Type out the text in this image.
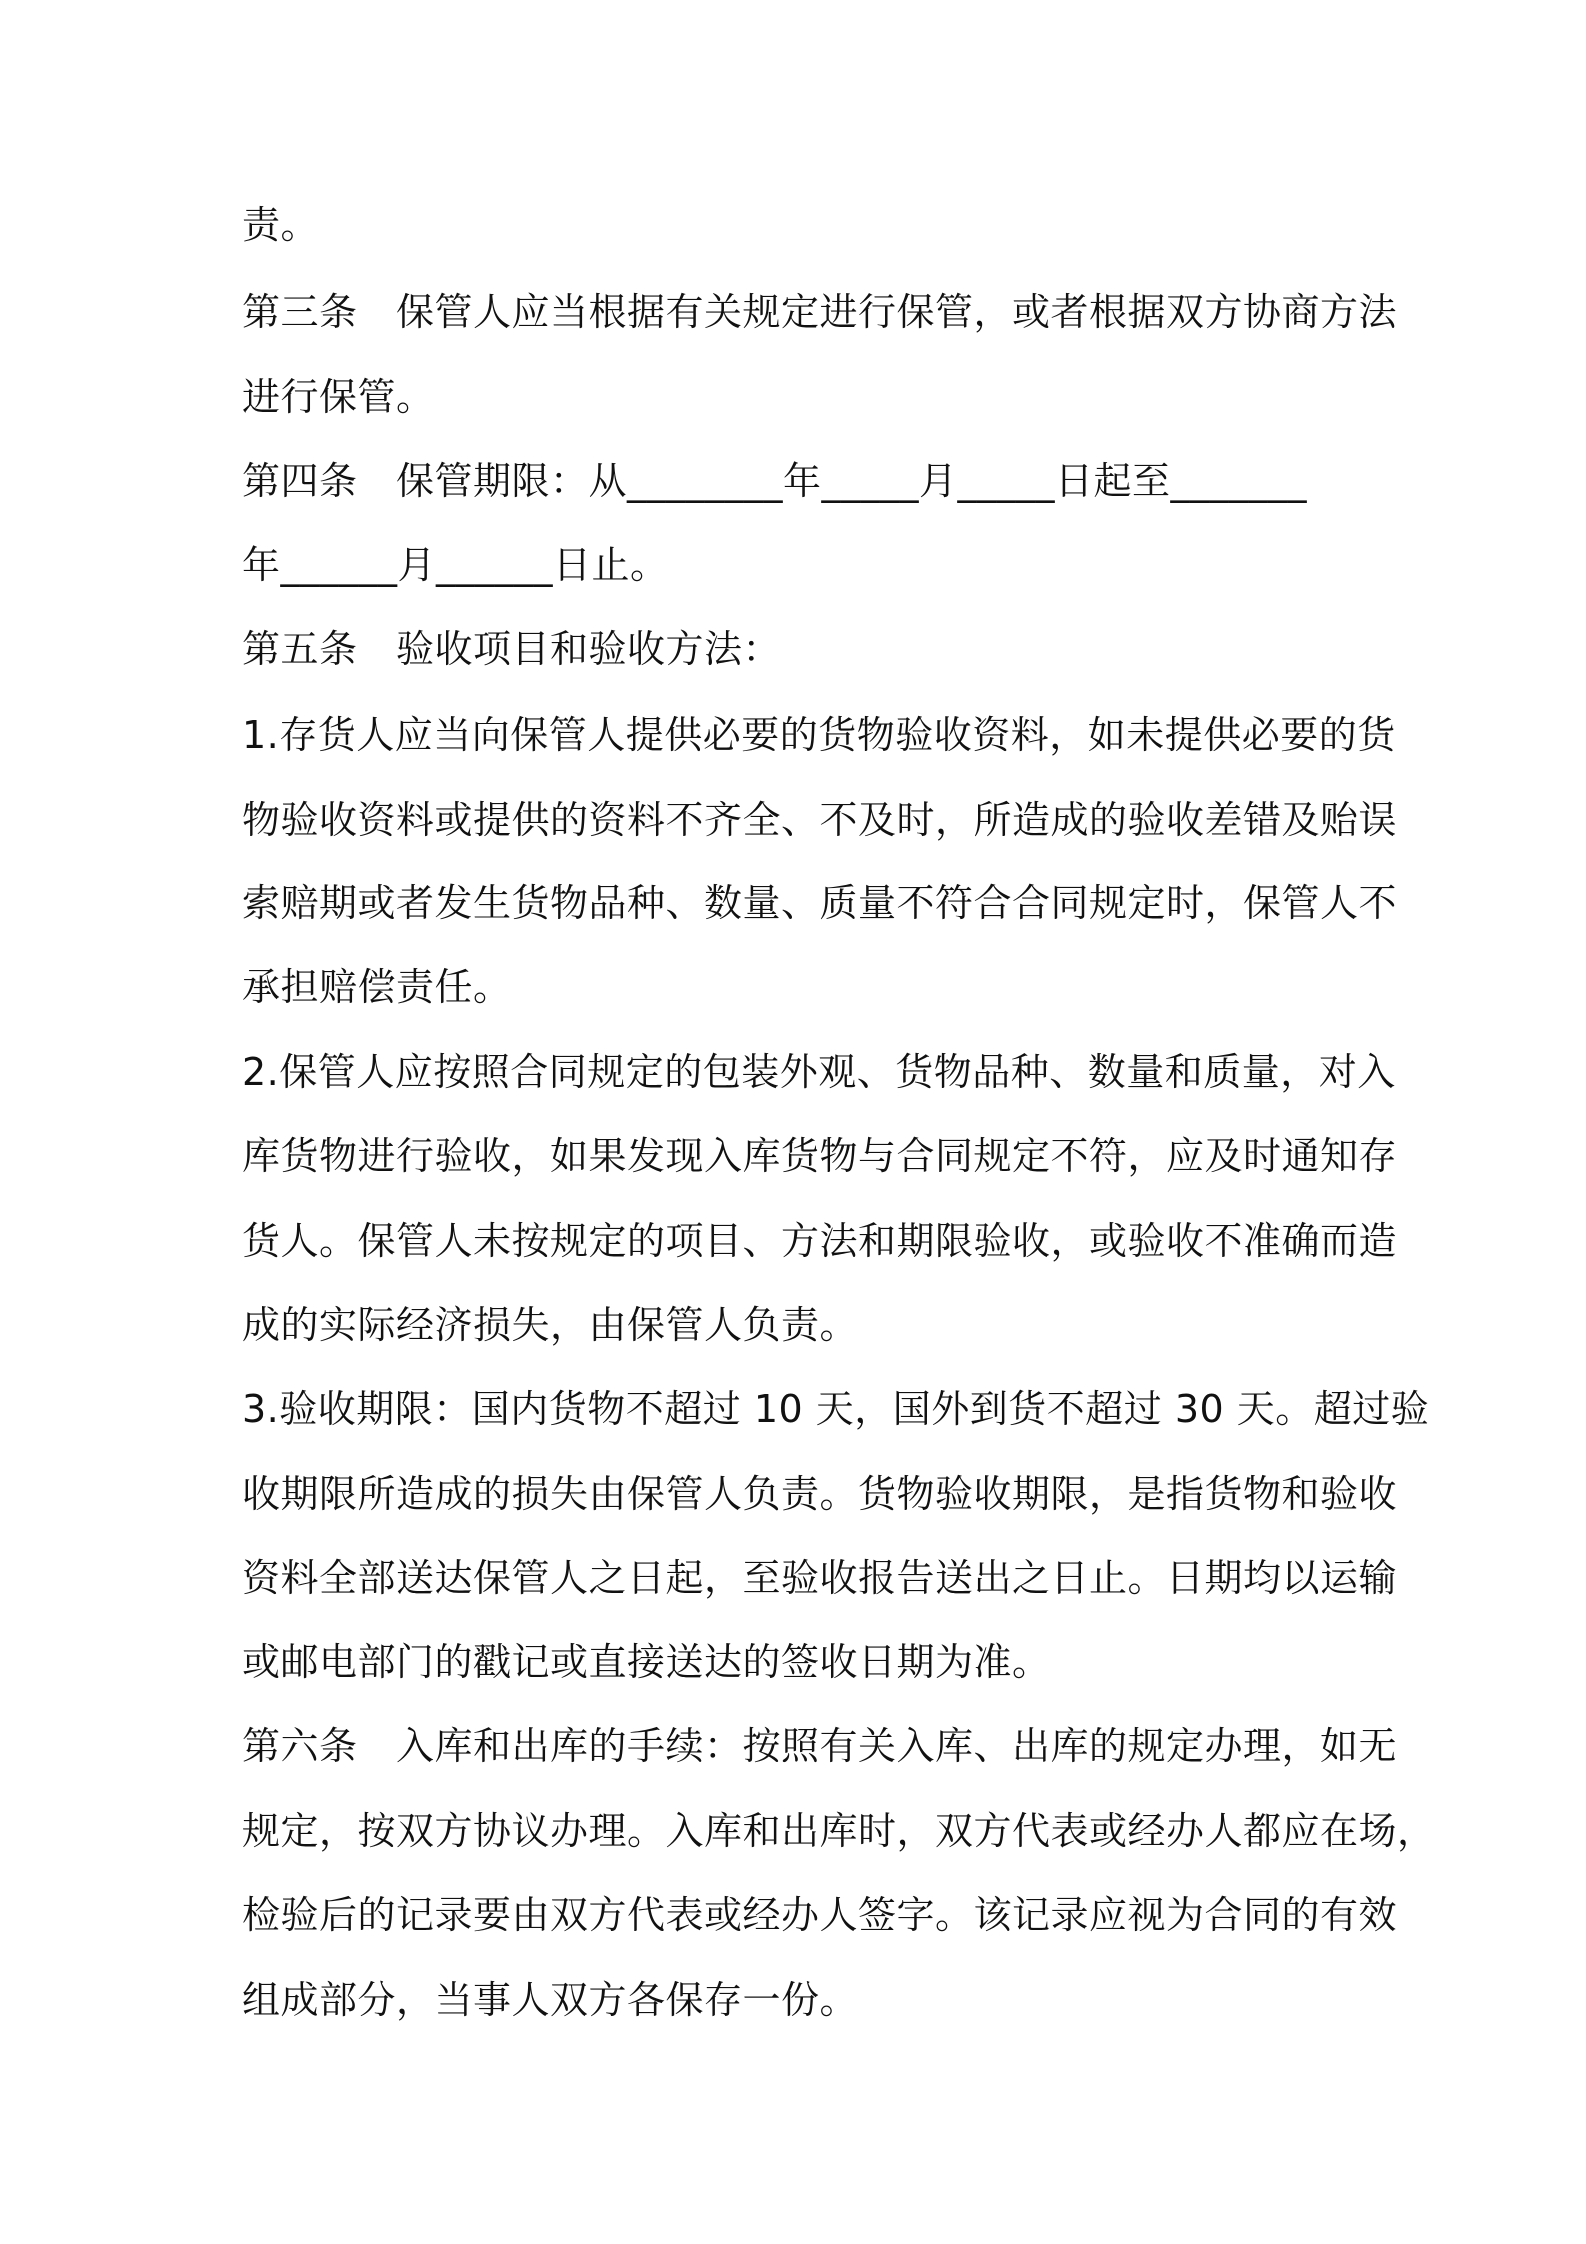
责。
第三条　保管人应当根据有关规定进行保管，或者根据双方协商方法
进行保管。
第四条　保管期限：从________年_____月_____日起至_______
年______月______日止。
第五条　验收项目和验收方法：
1.存货人应当向保管人提供必要的货物验收资料，如未提供必要的货
物验收资料或提供的资料不齐全、不及时，所造成的验收差错及贻误
索赔期或者发生货物品种、数量、质量不符合合同规定时，保管人不
承担赔偿责任。
2.保管人应按照合同规定的包装外观、货物品种、数量和质量，对入
库货物进行验收，如果发现入库货物与合同规定不符，应及时通知存
货人。保管人未按规定的项目、方法和期限验收，或验收不准确而造
成的实际经济损失，由保管人负责。
3.验收期限：国内货物不超过 10 天，国外到货不超过 30 天。超过验
收期限所造成的损失由保管人负责。货物验收期限，是指货物和验收
资料全部送达保管人之日起，至验收报告送出之日止。日期均以运输
或邮电部门的戳记或直接送达的签收日期为准。
第六条　入库和出库的手续：按照有关入库、出库的规定办理，如无
规定，按双方协议办理。入库和出库时，双方代表或经办人都应在场，
检验后的记录要由双方代表或经办人签字。该记录应视为合同的有效
组成部分，当事人双方各保存一份。
